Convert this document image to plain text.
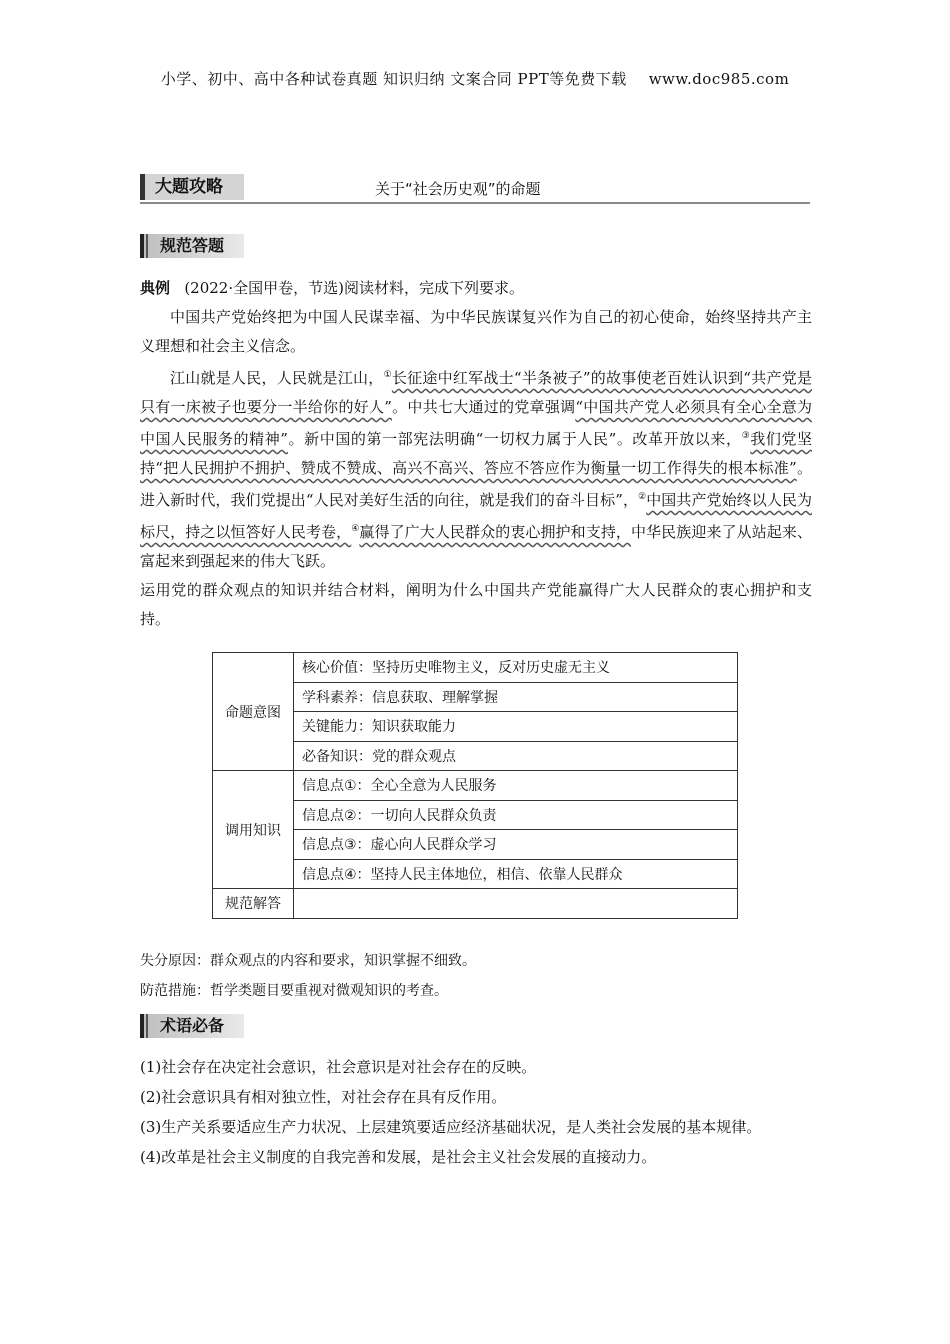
小学、初中、高中各种试卷真题 知识归纳 文案合同 PPT等免费下载 www.doc985.com
大题攻略	关于“社会历史观”的命题
规范答题

典例 (2022·全国甲卷，节选)阅读材料，完成下列要求。

中国共产党始终把为中国人民谋幸福、为中华民族谋复兴作为自己的初心使命，始终坚持共产主义理想和社会主义信念。

江山就是人民，人民就是江山，①长征途中红军战士“半条被子”的故事使老百姓认识到“共产党是只有一床被子也要分一半给你的好人”。中共七大通过的党章强调“中国共产党人必须具有全心全意为中国人民服务的精神”。新中国的第一部宪法明确“一切权力属于人民”。改革开放以来，③我们党坚持“把人民拥护不拥护、赞成不赞成、高兴不高兴、答应不答应作为衡量一切工作得失的根本标准”。进入新时代，我们党提出“人民对美好生活的向往，就是我们的奋斗目标”，②中国共产党始终以人民为标尺，持之以恒答好人民考卷，④赢得了广大人民群众的衷心拥护和支持，中华民族迎来了从站起来、富起来到强起来的伟大飞跃。

运用党的群众观点的知识并结合材料，阐明为什么中国共产党能赢得广大人民群众的衷心拥护和支持。

命题意图	核心价值：坚持历史唯物主义，反对历史虚无主义
	学科素养：信息获取、理解掌握
	关键能力：知识获取能力
	必备知识：党的群众观点
调用知识	信息点①：全心全意为人民服务
	信息点②：一切向人民群众负责
	信息点③：虚心向人民群众学习
	信息点④：坚持人民主体地位，相信、依靠人民群众
规范解答	
失分原因：群众观点的内容和要求，知识掌握不细致。
防范措施：哲学类题目要重视对微观知识的考查。
术语必备

(1)社会存在决定社会意识，社会意识是对社会存在的反映。

(2)社会意识具有相对独立性，对社会存在具有反作用。

(3)生产关系要适应生产力状况、上层建筑要适应经济基础状况，是人类社会发展的基本规律。

(4)改革是社会主义制度的自我完善和发展，是社会主义社会发展的直接动力。
